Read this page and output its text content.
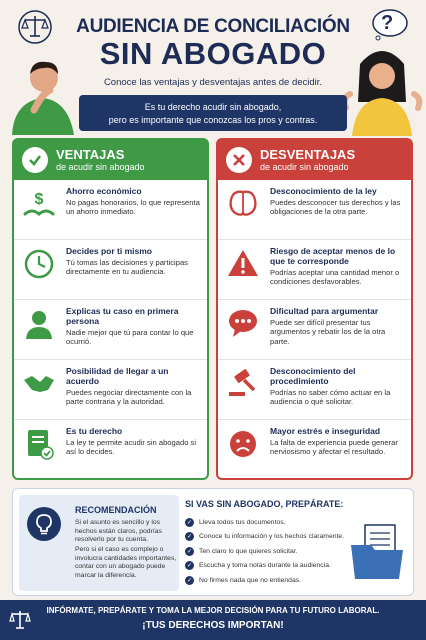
?
AUDIENCIA DE CONCILIACIÓN
SIN ABOGADO
Conoce las ventajas y desventajas antes de decidir.
Es tu derecho acudir sin abogado,
pero es importante que conozcas los pros y contras.
VENTAJAS
de acudir sin abogado
$	Ahorro económico
No pagas honorarios, lo que representa un ahorro inmediato.
Decides por ti mismo
Tú tomas las decisiones y participas directamente en tu audiencia.
Explicas tu caso en primera persona
Nadie mejor que tú para contar lo que ocurrió.
Posibilidad de llegar a un acuerdo
Puedes negociar directamente con la parte contraria y la autoridad.
Es tu derecho
La ley te permite acudir sin abogado si así lo decides.
DESVENTAJAS
de acudir sin abogado
Desconocimiento de la ley
Puedes desconocer tus derechos y las obligaciones de la otra parte.
Riesgo de aceptar menos de lo que te corresponde
Podrías aceptar una cantidad menor o condiciones desfavorables.
Dificultad para argumentar
Puede ser difícil presentar tus argumentos y rebatir los de la otra parte.
Desconocimiento del procedimiento
Podrías no saber cómo actuar en la audiencia o qué solicitar.
Mayor estrés e inseguridad
La falta de experiencia puede generar nerviosismo y afectar el resultado.
RECOMENDACIÓN
Si el asunto es sencillo y los hechos están claros, podrías resolverlo por tu cuenta.
Pero si el caso es complejo o involucra cantidades importantes, contar con un abogado puede marcar la diferencia.
SI VAS SIN ABOGADO, PREPÁRATE:
✓ Lleva todos tus documentos.
✓ Conoce tu información y los hechos claramente.
✓ Ten claro lo que quieres solicitar.
✓ Escucha y toma notas durante la audiencia.
✓ No firmes nada que no entiendas.
INFÓRMATE, PREPÁRATE Y TOMA LA MEJOR DECISIÓN PARA TU FUTURO LABORAL.
¡TUS DERECHOS IMPORTAN!
